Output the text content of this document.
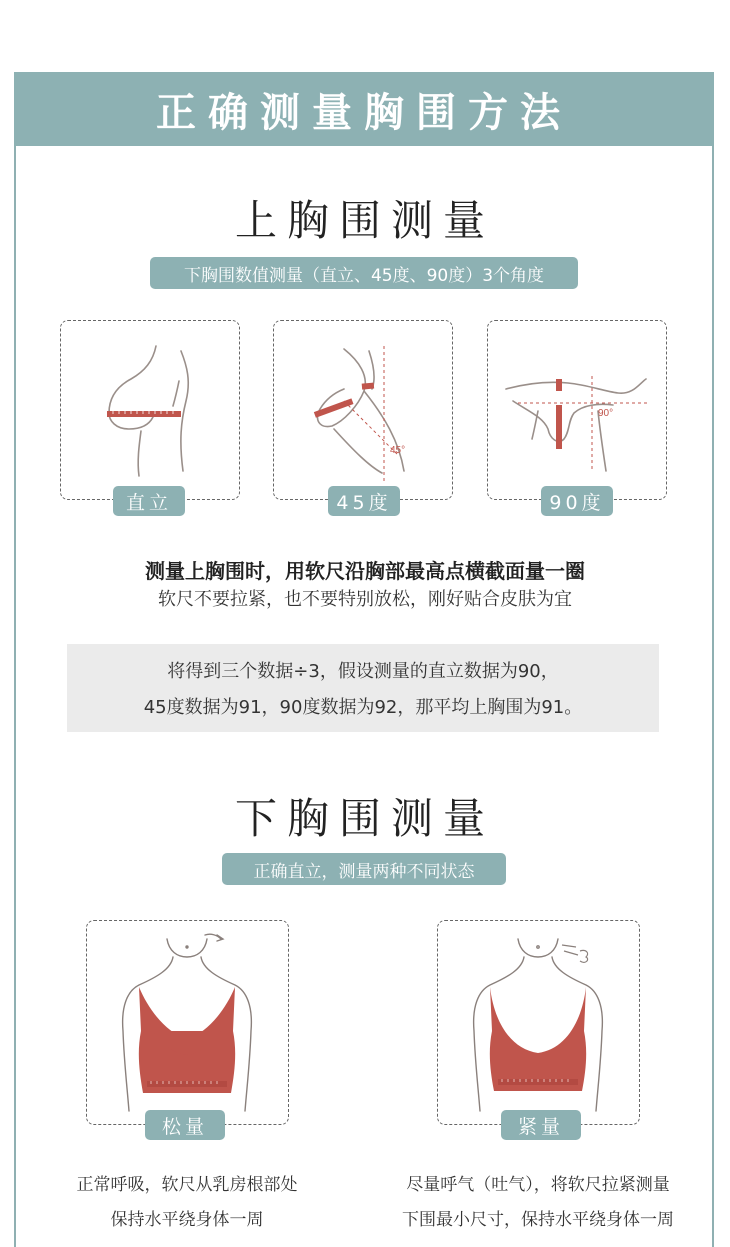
正确测量胸围方法
上胸围测量
下胸围数值测量（直立、45度、90度）3个角度
直立
45°
45度
90°
90度
测量上胸围时，用软尺沿胸部最高点横截面量一圈
软尺不要拉紧，也不要特别放松，刚好贴合皮肤为宜
将得到三个数据÷3，假设测量的直立数据为90，
45度数据为91，90度数据为92，那平均上胸围为91。
下胸围测量
正确直立，测量两种不同状态
松量
正常呼吸，软尺从乳房根部处
保持水平绕身体一周
紧量
尽量呼气（吐气），将软尺拉紧测量
下围最小尺寸，保持水平绕身体一周
